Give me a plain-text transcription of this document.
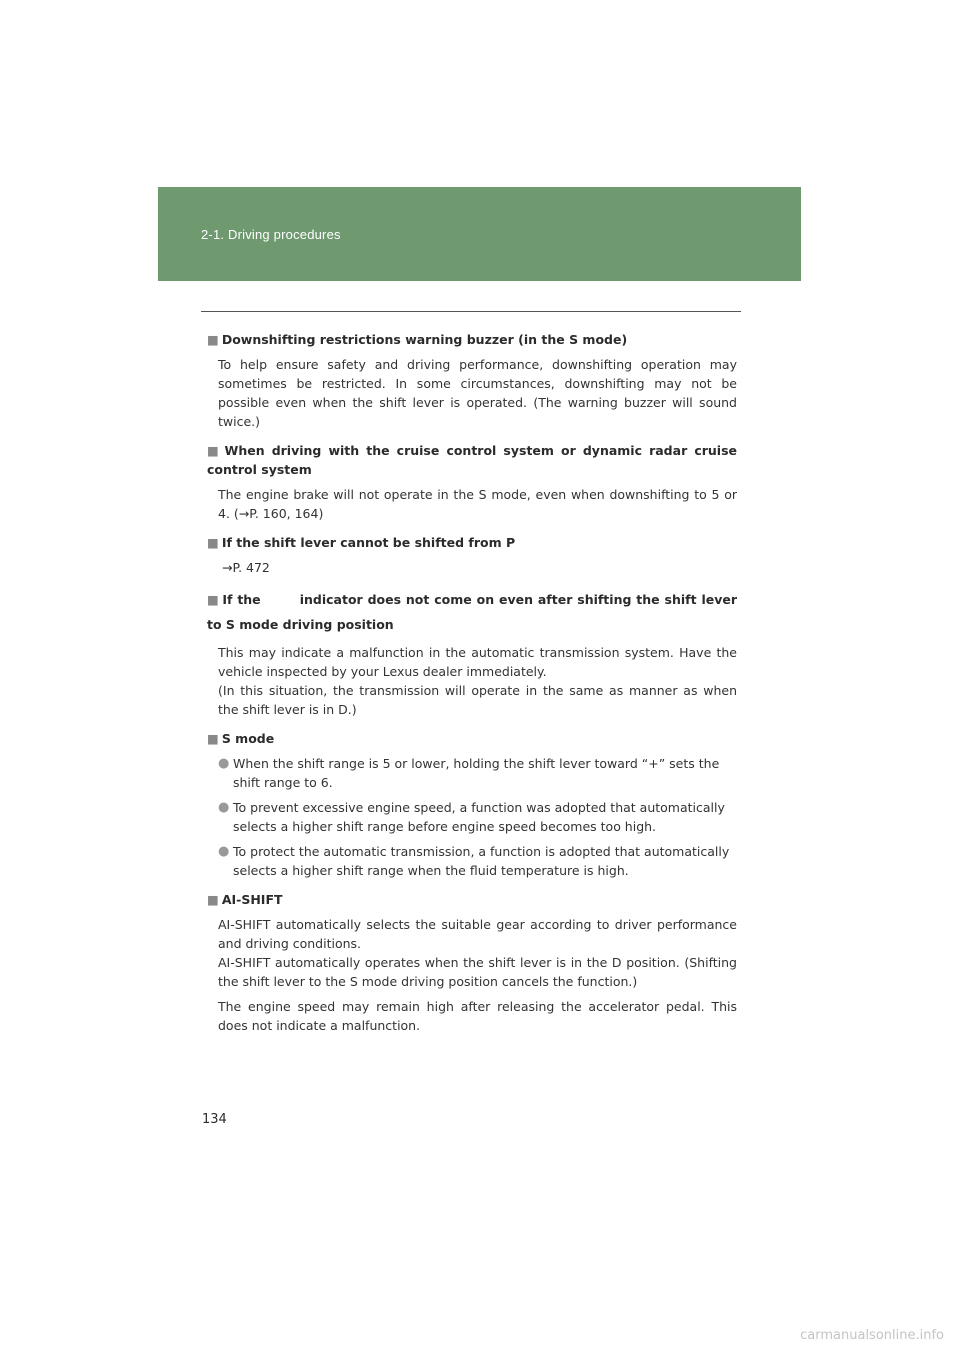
2-1. Driving procedures
■ Downshifting restrictions warning buzzer (in the S mode)
To help ensure safety and driving performance, downshifting operation may sometimes be restricted. In some circumstances, downshifting may not be possible even when the shift lever is operated. (The warning buzzer will sound twice.)
■ When driving with the cruise control system or dynamic radar cruise control system
The engine brake will not operate in the S mode, even when downshifting to 5 or 4. (→P. 160, 164)
■ If the shift lever cannot be shifted from P
→P. 472
■ If the        indicator does not come on even after shifting the shift lever to S mode driving position
This may indicate a malfunction in the automatic transmission system. Have the vehicle inspected by your Lexus dealer immediately.
(In this situation, the transmission will operate in the same as manner as when the shift lever is in D.)
■ S mode
● When the shift range is 5 or lower, holding the shift lever toward “+” sets the shift range to 6.
● To prevent excessive engine speed, a function was adopted that automatically selects a higher shift range before engine speed becomes too high.
● To protect the automatic transmission, a function is adopted that automatically selects a higher shift range when the fluid temperature is high.
■ AI-SHIFT
AI-SHIFT automatically selects the suitable gear according to driver performance and driving conditions.
AI-SHIFT automatically operates when the shift lever is in the D position. (Shifting the shift lever to the S mode driving position cancels the function.)
The engine speed may remain high after releasing the accelerator pedal. This does not indicate a malfunction.
134
carmanualsonline.info
